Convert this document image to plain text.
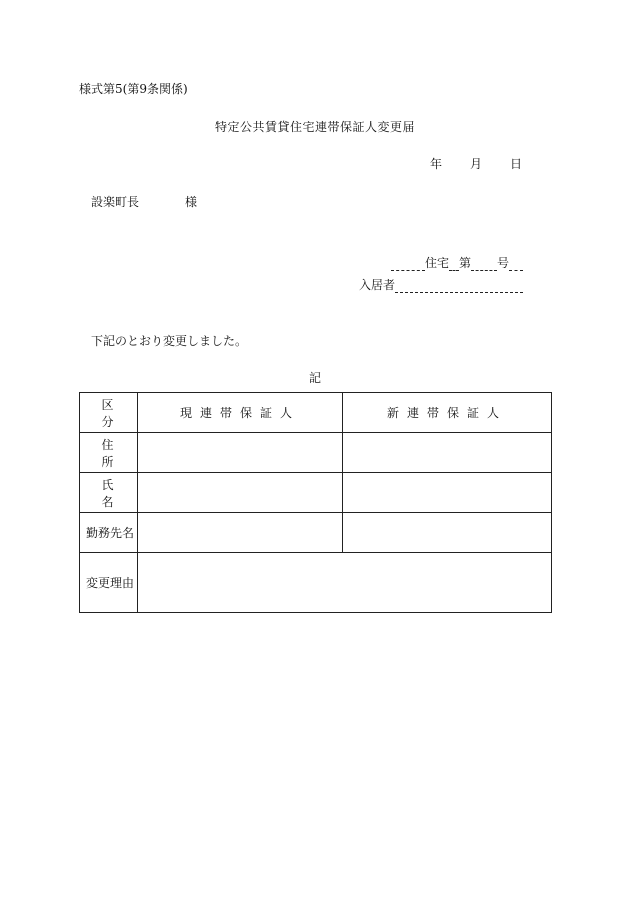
様式第5(第9条関係)
特定公共賃貸住宅連帯保証人変更届
年 月 日
設楽町長	様
住宅 第 号
入居者
下記のとおり変更しました。
記
区 分	現連帯保証人	新連帯保証人
住 所		
氏 名		
勤務先名		
変更理由		
